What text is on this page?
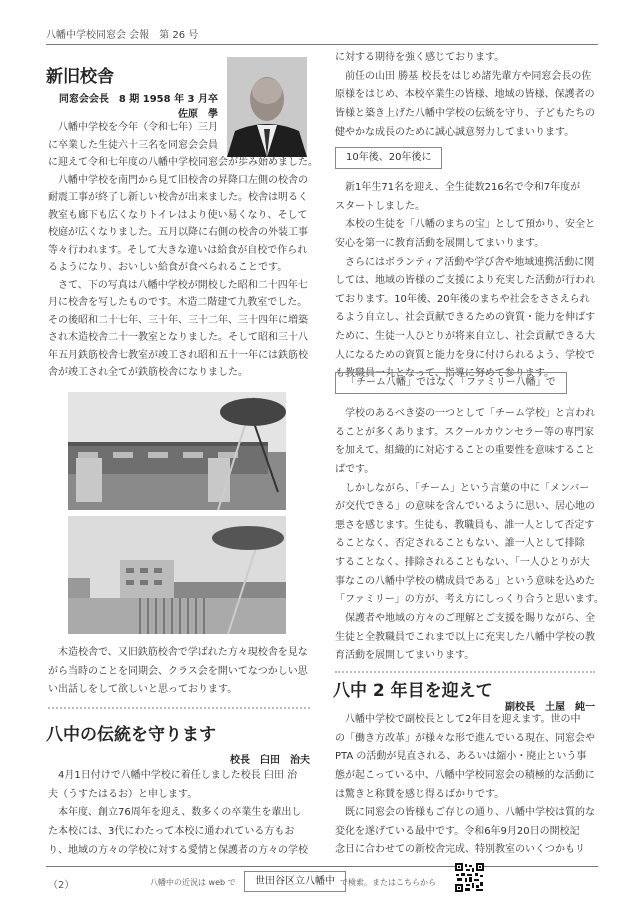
八幡中学校同窓会 会報　第 26 号
新旧校舎
同窓会会長　8 期 1958 年 3 月卒
佐原　學
八幡中学校を今年（令和七年）三月
に卒業した生徒六十三名を同窓会会員
に迎えて令和七年度の八幡中学校同窓会が歩み始めました。
八幡中学校を南門から見て旧校舎の昇降口左側の校舎の
耐震工事が終了し新しい校舎が出来ました。校舎は明るく
教室も廊下も広くなりトイレはより使い易くなり、そして
校庭が広くなりました。五月以降に右側の校舎の外装工事
等々行われます。そして大きな違いは給食が自校で作られ
るようになり、おいしい給食が食べられることです。
さて、下の写真は八幡中学校が開校した昭和二十四年七
月に校舎を写したものです。木造二階建て九教室でした。
その後昭和二十七年、三十年、三十二年、三十四年に増築
され木造校舎二十一教室となりました。そして昭和三十八
年五月鉄筋校舎七教室が竣工され昭和五十一年には鉄筋校
舎が竣工され全てが鉄筋校舎になりました。
木造校舎で、又旧鉄筋校舎で学ばれた方々現校舎を見な
がら当時のことを同期会、クラス会を開いてなつかしい思
い出話しをして欲しいと思っております。
八中の伝統を守ります
校長　臼田　治夫
4月1日付けで八幡中学校に着任しました校長 臼田 治
夫（うすたはるお）と申します。
本年度、創立76周年を迎え、数多くの卒業生を輩出し
た本校には、3代にわたって本校に通われている方もお
り、地域の方々の学校に対する愛情と保護者の方々の学校
に対する期待を強く感じております。
前任の山田 勝基 校長をはじめ諸先輩方や同窓会長の佐
原様をはじめ、本校卒業生の皆様、地域の皆様、保護者の
皆様と築き上げた八幡中学校の伝統を守り、子どもたちの
健やかな成長のために誠心誠意努力してまいります。
10年後、20年後に
新1年生71名を迎え、全生徒数216名で令和7年度が
スタートしました。
本校の生徒を「八幡のまちの宝」として預かり、安全と
安心を第一に教育活動を展開してまいります。
さらにはボランティア活動や学び舎や地域連携活動に関
しては、地域の皆様のご支援により充実した活動が行われ
ております。10年後、20年後のまちや社会をささえられ
るよう自立し、社会貢献できるための資質・能力を伸ばす
ために、生徒一人ひとりが将来自立し、社会貢献できる大
人になるための資質と能力を身に付けられるよう、学校で
も教職員一丸となって、指導に努めて参ります。
「チーム八幡」ではなく「ファミリー八幡」で
学校のあるべき姿の一つとして「チーム学校」と言われ
ることが多くあります。スクールカウンセラー等の専門家
を加えて、組織的に対応することの重要性を意味すること
ばです。
しかしながら、「チーム」という言葉の中に「メンバー
が交代できる」の意味を含んでいるように思い、居心地の
悪さを感じます。生徒も、教職員も、誰一人として否定す
ることなく、否定されることもない、誰一人として排除
することなく、排除されることもない、「一人ひとりが大
事なこの八幡中学校の構成員である」という意味を込めた
「ファミリー」の方が、考え方にしっくり合うと思います。
保護者や地域の方々のご理解とご支援を賜りながら、全
生徒と全教職員でこれまで以上に充実した八幡中学校の教
育活動を展開してまいります。
八中 2 年目を迎えて
副校長　土屋　純一
八幡中学校で副校長として2年目を迎えます。世の中
の「働き方改革」が様々な形で進んでいる現在、同窓会や
PTA の活動が見直される、あるいは縮小・廃止という事
態が起こっている中、八幡中学校同窓会の積極的な活動に
は驚きと称賛を感じ得るばかりです。
既に同窓会の皆様もご存じの通り、八幡中学校は質的な
変化を遂げている最中です。令和6年9月20日の開校記
念日に合わせての新校舎完成、特別教室のいくつかもリ
（2）	八幡中の近況は web で	世田谷区立八幡中 で検索。またはこちらから
